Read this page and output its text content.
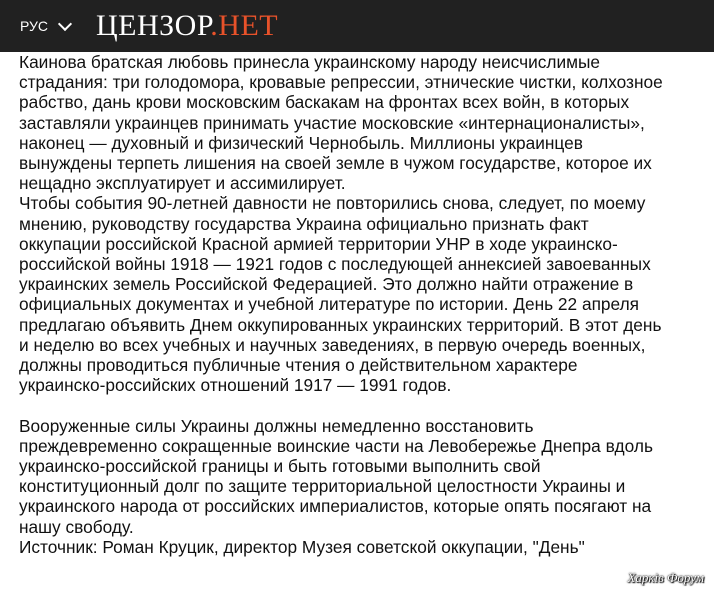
РУС ЦЕНЗОР.НЕТ

Каинова братская любовь принесла украинскому народу неисчислимые

страдания: три голодомора, кровавые репрессии, этнические чистки, колхозное

рабство, дань крови московским баскакам на фронтах всех войн, в которых

заставляли украинцев принимать участие московские «интернационалисты»,

наконец — духовный и физический Чернобыль. Миллионы украинцев

вынуждены терпеть лишения на своей земле в чужом государстве, которое их

нещадно эксплуатирует и ассимилирует.

Чтобы события 90-летней давности не повторились снова, следует, по моему

мнению, руководству государства Украина официально признать факт

оккупации российской Красной армией территории УНР в ходе украинско-

российской войны 1918 — 1921 годов с последующей аннексией завоеванных

украинских земель Российской Федерацией. Это должно найти отражение в

официальных документах и учебной литературе по истории. День 22 апреля

предлагаю объявить Днем оккупированных украинских территорий. В этот день

и неделю во всех учебных и научных заведениях, в первую очередь военных,

должны проводиться публичные чтения о действительном характере

украинско-российских отношений 1917 — 1991 годов.

Вооруженные силы Украины должны немедленно восстановить

преждевременно сокращенные воинские части на Левобережье Днепра вдоль

украинско-российской границы и быть готовыми выполнить свой

конституционный долг по защите территориальной целостности Украины и

украинского народа от российских империалистов, которые опять посягают на

нашу свободу.

Источник: Роман Круцик, директор Музея советской оккупации, "День"

Харків Форум
